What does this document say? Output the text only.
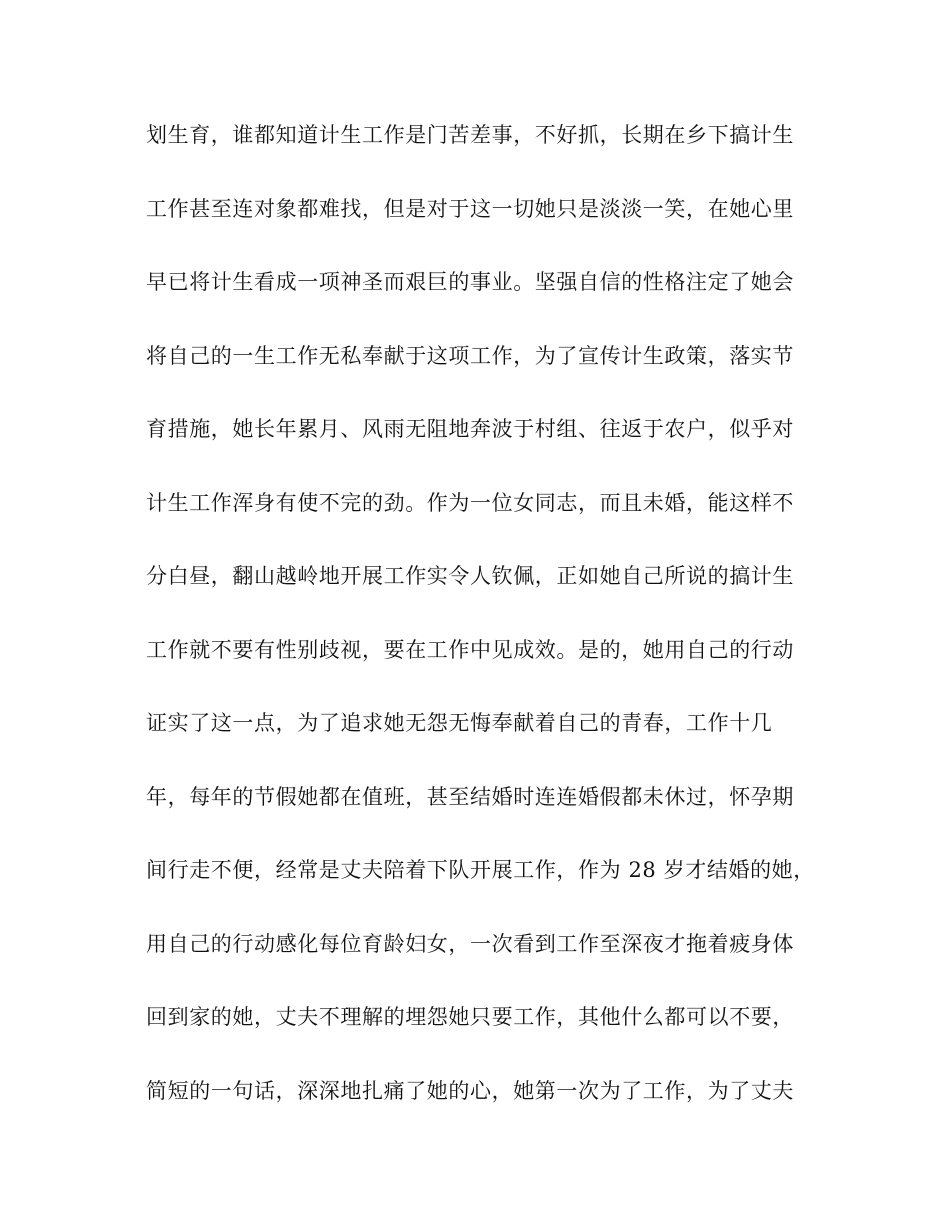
划生育，谁都知道计生工作是门苦差事，不好抓，长期在乡下搞计生
工作甚至连对象都难找，但是对于这一切她只是淡淡一笑，在她心里
早已将计生看成一项神圣而艰巨的事业。坚强自信的性格注定了她会
将自己的一生工作无私奉献于这项工作，为了宣传计生政策，落实节
育措施，她长年累月、风雨无阻地奔波于村组、往返于农户，似乎对
计生工作浑身有使不完的劲。作为一位女同志，而且未婚，能这样不
分白昼，翻山越岭地开展工作实令人钦佩，正如她自己所说的搞计生
工作就不要有性别歧视，要在工作中见成效。是的，她用自己的行动
证实了这一点，为了追求她无怨无悔奉献着自己的青春，工作十几
年，每年的节假她都在值班，甚至结婚时连连婚假都未休过，怀孕期
间行走不便，经常是丈夫陪着下队开展工作，作为 28 岁才结婚的她，
用自己的行动感化每位育龄妇女，一次看到工作至深夜才拖着疲身体
回到家的她，丈夫不理解的埋怨她只要工作，其他什么都可以不要，
简短的一句话，深深地扎痛了她的心，她第一次为了工作，为了丈夫
